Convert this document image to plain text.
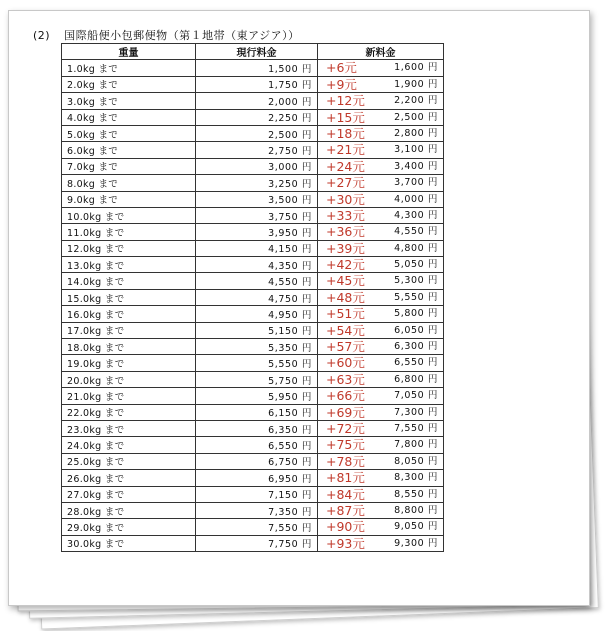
(2) 国際船便小包郵便物（第１地帯（東アジア））
重量	現行料金	新料金
1.0kg まで	1,500 円	+6元 1,600 円

2.0kg まで	1,750 円	+9元 1,900 円

3.0kg まで	2,000 円	+12元 2,200 円

4.0kg まで	2,250 円	+15元 2,500 円

5.0kg まで	2,500 円	+18元 2,800 円

6.0kg まで	2,750 円	+21元 3,100 円

7.0kg まで	3,000 円	+24元 3,400 円

8.0kg まで	3,250 円	+27元 3,700 円

9.0kg まで	3,500 円	+30元 4,000 円

10.0kg まで	3,750 円	+33元 4,300 円

11.0kg まで	3,950 円	+36元 4,550 円

12.0kg まで	4,150 円	+39元 4,800 円

13.0kg まで	4,350 円	+42元 5,050 円

14.0kg まで	4,550 円	+45元 5,300 円

15.0kg まで	4,750 円	+48元 5,550 円

16.0kg まで	4,950 円	+51元 5,800 円

17.0kg まで	5,150 円	+54元 6,050 円

18.0kg まで	5,350 円	+57元 6,300 円

19.0kg まで	5,550 円	+60元 6,550 円

20.0kg まで	5,750 円	+63元 6,800 円

21.0kg まで	5,950 円	+66元 7,050 円

22.0kg まで	6,150 円	+69元 7,300 円

23.0kg まで	6,350 円	+72元 7,550 円

24.0kg まで	6,550 円	+75元 7,800 円

25.0kg まで	6,750 円	+78元 8,050 円

26.0kg まで	6,950 円	+81元 8,300 円

27.0kg まで	7,150 円	+84元 8,550 円

28.0kg まで	7,350 円	+87元 8,800 円

29.0kg まで	7,550 円	+90元 9,050 円

30.0kg まで	7,750 円	+93元 9,300 円
